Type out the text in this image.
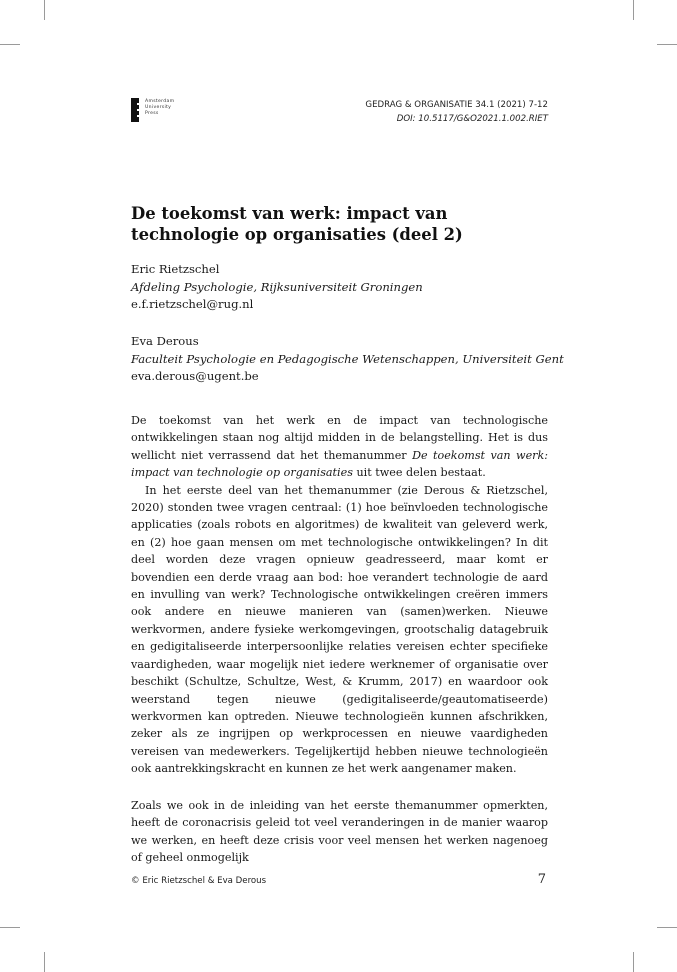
Amsterdam
University
Press
GEDRAG & ORGANISATIE 34.1 (2021) 7-12
DOI: 10.5117/G&O2021.1.002.RIET
De toekomst van werk: impact van technologie op organisaties (deel 2)
Eric Rietzschel
Afdeling Psychologie, Rijksuniversiteit Groningen
e.f.rietzschel@rug.nl
Eva Derous
Faculteit Psychologie en Pedagogische Wetenschappen, Universiteit Gent
eva.derous@ugent.be

De toekomst van het werk en de impact van technologische ontwikkelingen staan nog altijd midden in de belangstelling. Het is dus wellicht niet verrassend dat het themanummer De toekomst van werk: impact van technologie op organisaties uit twee delen bestaat.

In het eerste deel van het themanummer (zie Derous & Rietzschel, 2020) stonden twee vragen centraal: (1) hoe beïnvloeden technologische applicaties (zoals robots en algoritmes) de kwaliteit van geleverd werk, en (2) hoe gaan mensen om met technologische ontwikkelingen? In dit deel worden deze vragen opnieuw geadresseerd, maar komt er bovendien een derde vraag aan bod: hoe verandert technologie de aard en invulling van werk? Technologische ontwikkelingen creëren immers ook andere en nieuwe manieren van (samen)werken. Nieuwe werkvormen, andere fysieke werkomgevingen, grootschalig datagebruik en gedigitaliseerde interpersoonlijke relaties vereisen echter specifieke vaardigheden, waar mogelijk niet iedere werknemer of organisatie over beschikt (Schultze, Schultze, West, & Krumm, 2017) en waardoor ook weerstand tegen nieuwe (gedigitaliseerde/geautomatiseerde) werkvormen kan optreden. Nieuwe technologieën kunnen afschrikken, zeker als ze ingrijpen op werkprocessen en nieuwe vaardigheden vereisen van medewerkers. Tegelijkertijd hebben nieuwe technologieën ook aantrekkingskracht en kunnen ze het werk aangenamer maken.

Zoals we ook in de inleiding van het eerste themanummer opmerkten, heeft de coronacrisis geleid tot veel veranderingen in de manier waarop we werken, en heeft deze crisis voor veel mensen het werken nagenoeg of geheel onmogelijk

© Eric Rietzschel & Eva Derous	7
